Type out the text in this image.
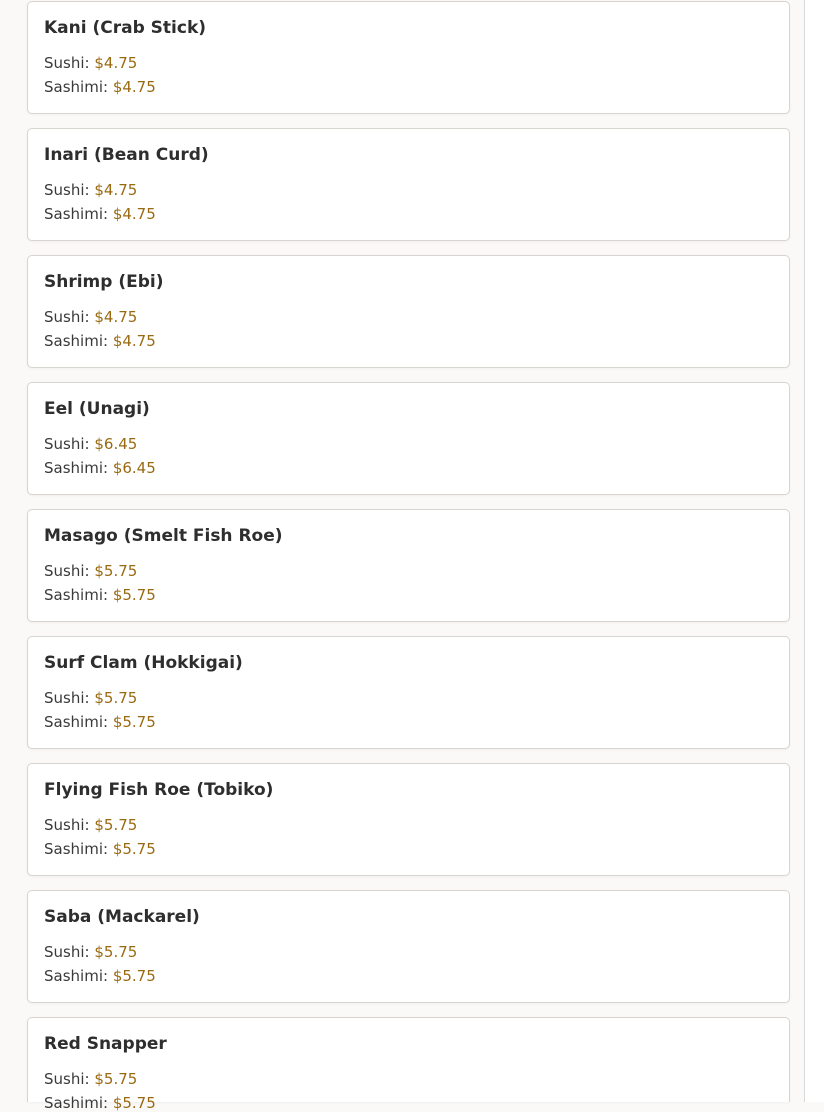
Kani (Crab Stick)
Sushi: $4.75
Sashimi: $4.75
Inari (Bean Curd)
Sushi: $4.75
Sashimi: $4.75
Shrimp (Ebi)
Sushi: $4.75
Sashimi: $4.75
Eel (Unagi)
Sushi: $6.45
Sashimi: $6.45
Masago (Smelt Fish Roe)
Sushi: $5.75
Sashimi: $5.75
Surf Clam (Hokkigai)
Sushi: $5.75
Sashimi: $5.75
Flying Fish Roe (Tobiko)
Sushi: $5.75
Sashimi: $5.75
Saba (Mackarel)
Sushi: $5.75
Sashimi: $5.75
Red Snapper
Sushi: $5.75
Sashimi: $5.75
